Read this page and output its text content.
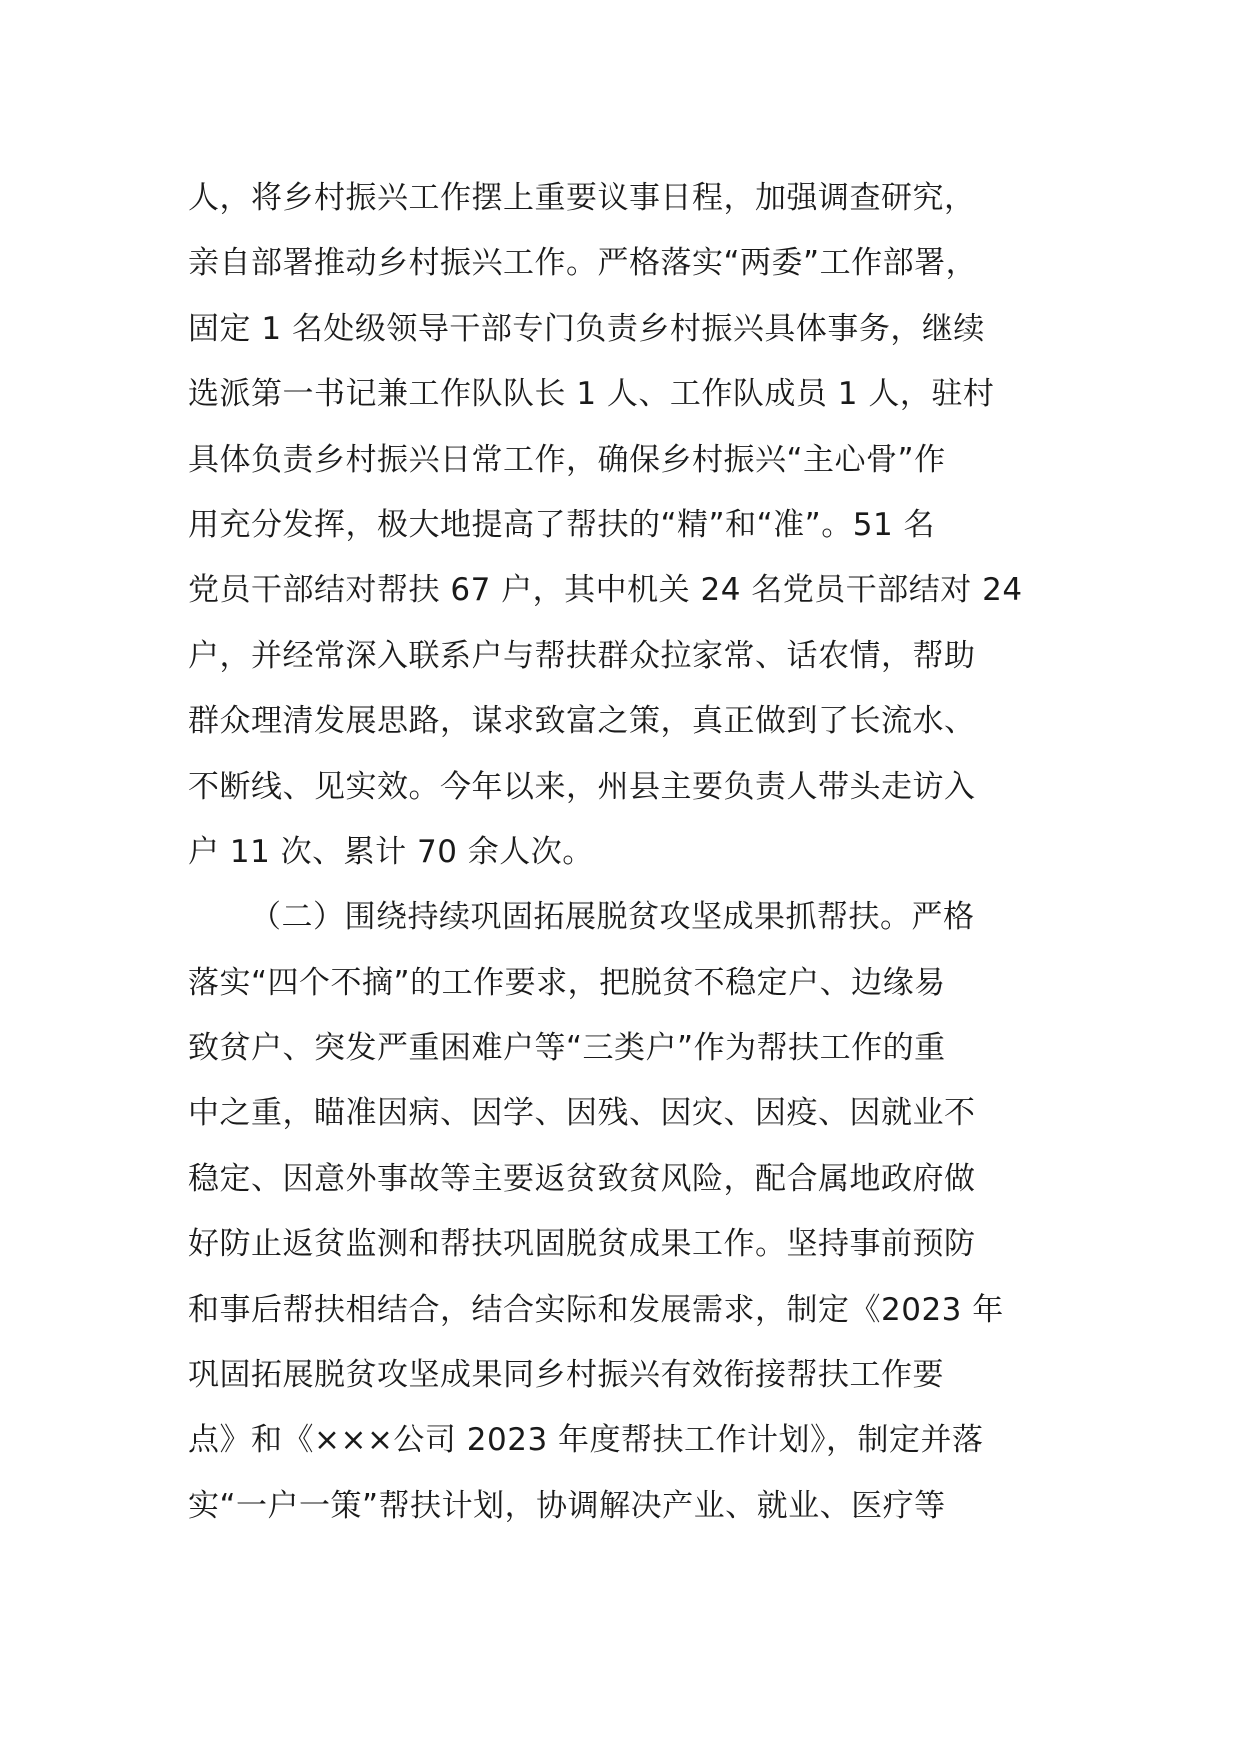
人，将乡村振兴工作摆上重要议事日程，加强调查研究，
亲自部署推动乡村振兴工作。严格落实“两委”工作部署，
固定 1 名处级领导干部专门负责乡村振兴具体事务，继续
选派第一书记兼工作队队长 1 人、工作队成员 1 人，驻村
具体负责乡村振兴日常工作，确保乡村振兴“主心骨”作
用充分发挥，极大地提高了帮扶的“精”和“准”。51 名
党员干部结对帮扶 67 户，其中机关 24 名党员干部结对 24
户，并经常深入联系户与帮扶群众拉家常、话农情，帮助
群众理清发展思路，谋求致富之策，真正做到了长流水、
不断线、见实效。今年以来，州县主要负责人带头走访入
户 11 次、累计 70 余人次。
（二）围绕持续巩固拓展脱贫攻坚成果抓帮扶。严格
落实“四个不摘”的工作要求，把脱贫不稳定户、边缘易
致贫户、突发严重困难户等“三类户”作为帮扶工作的重
中之重，瞄准因病、因学、因残、因灾、因疫、因就业不
稳定、因意外事故等主要返贫致贫风险，配合属地政府做
好防止返贫监测和帮扶巩固脱贫成果工作。坚持事前预防
和事后帮扶相结合，结合实际和发展需求，制定《2023 年
巩固拓展脱贫攻坚成果同乡村振兴有效衔接帮扶工作要
点》和《×××公司 2023 年度帮扶工作计划》，制定并落
实“一户一策”帮扶计划，协调解决产业、就业、医疗等
